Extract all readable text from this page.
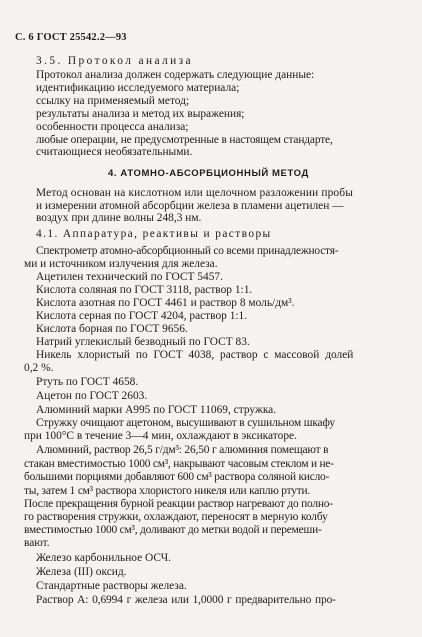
С. 6 ГОСТ 25542.2—93
3.5. Протокол анализа
Протокол анализа должен содержать следующие данные:
идентификацию исследуемого материала;
ссылку на применяемый метод;
результаты анализа и метод их выражения;
особенности процесса анализа;
любые операции, не предусмотренные в настоящем стандарте,
считающиеся необязательными.
4. АТОМНО-АБСОРБЦИОННЫЙ МЕТОД
Метод основан на кислотном или щелочном разложении пробы
и измерении атомной абсорбции железа в пламени ацетилен —
воздух при длине волны 248,3 нм.
4.1. Аппаратура, реактивы и растворы
Спектрометр атомно-абсорбционный со всеми принадлежностя-
ми и источником излучения для железа.
Ацетилен технический по ГОСТ 5457.
Кислота соляная по ГОСТ 3118, раствор 1:1.
Кислота азотная по ГОСТ 4461 и раствор 8 моль/дм³.
Кислота серная по ГОСТ 4204, раствор 1:1.
Кислота борная по ГОСТ 9656.
Натрий углекислый безводный по ГОСТ 83.
Никель хлористый по ГОСТ 4038, раствор с массовой долей
0,2 %.
Ртуть по ГОСТ 4658.
Ацетон по ГОСТ 2603.
Алюминий марки А995 по ГОСТ 11069, стружка.
Стружку очищают ацетоном, высушивают в сушильном шкафу
при 100°С в течение 3—4 мин, охлаждают в эксикаторе.
Алюминий, раствор 26,5 г/дм³: 26,50 г алюминия помещают в
стакан вместимостью 1000 см³, накрывают часовым стеклом и не-
большими порциями добавляют 600 см³ раствора соляной кисло-
ты, затем 1 см³ раствора хлористого никеля или каплю ртути.
После прекращения бурной реакции раствор нагревают до полно-
го растворения стружки, охлаждают, переносят в мерную колбу
вместимостью 1000 см³, доливают до метки водой и перемеши-
вают.
Железо карбонильное ОСЧ.
Железа (III) оксид.
Стандартные растворы железа.
Раствор А: 0,6994 г железа или 1,0000 г предварительно про-
